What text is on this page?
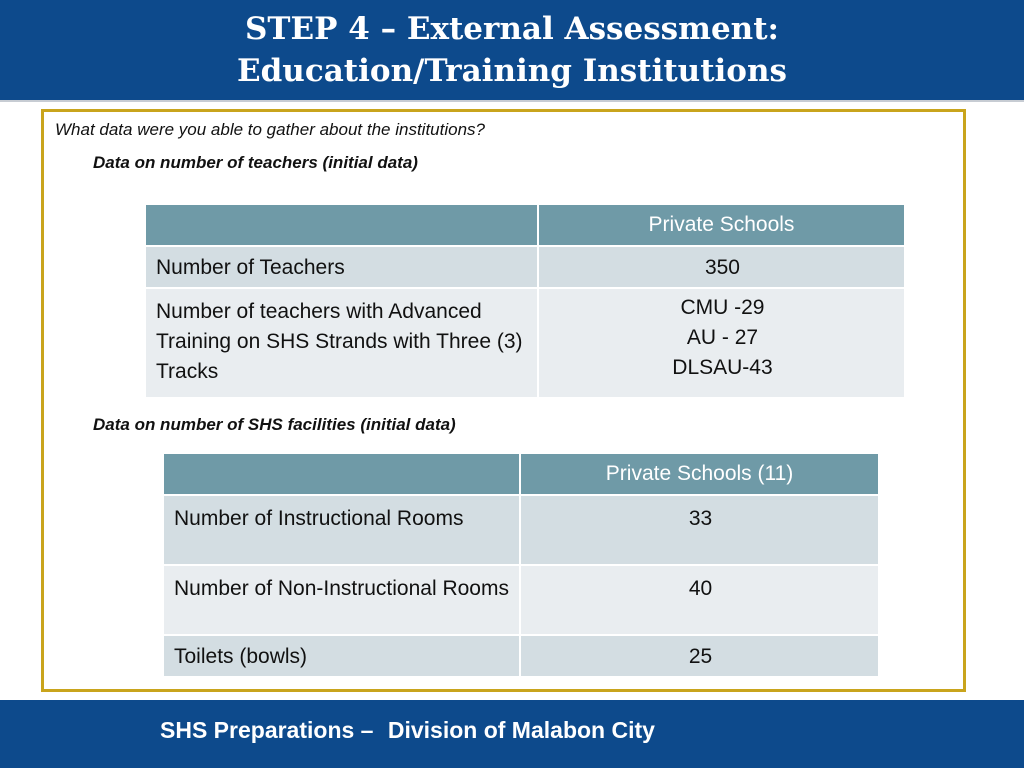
STEP 4 – External Assessment:
Education/Training Institutions
What data were you able to gather about the institutions?
Data on number of teachers (initial data)
	Private Schools
Number of Teachers	350
Number of teachers with Advanced Training on SHS Strands with Three (3) Tracks	CMU -29
AU - 27
DLSAU-43
Data on number of SHS facilities (initial data)
	Private Schools (11)
Number of Instructional Rooms	33
Number of Non-Instructional Rooms	40
Toilets (bowls)	25
SHS Preparations – Division of Malabon City
